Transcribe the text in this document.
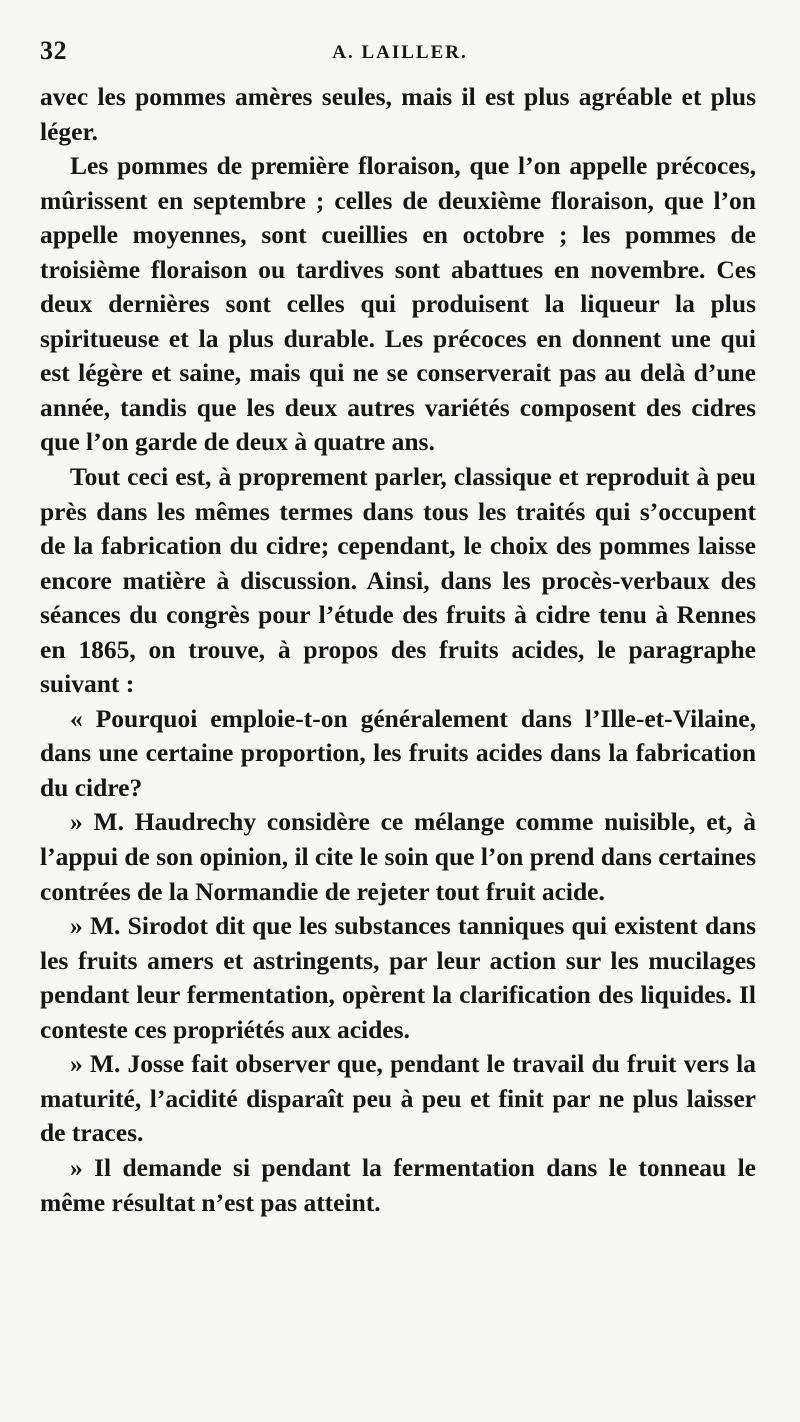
32	A. LAILLER.

avec les pommes amères seules, mais il est plus agréable et plus léger.

Les pommes de première floraison, que l’on appelle précoces, mûrissent en septembre ; celles de deuxième floraison, que l’on appelle moyennes, sont cueillies en octobre ; les pommes de troisième floraison ou tardives sont abattues en novembre. Ces deux dernières sont celles qui produisent la liqueur la plus spiritueuse et la plus durable. Les précoces en donnent une qui est légère et saine, mais qui ne se conserverait pas au delà d’une année, tandis que les deux autres variétés composent des cidres que l’on garde de deux à quatre ans.

Tout ceci est, à proprement parler, classique et reproduit à peu près dans les mêmes termes dans tous les traités qui s’occupent de la fabrication du cidre; cependant, le choix des pommes laisse encore matière à discussion. Ainsi, dans les procès-verbaux des séances du congrès pour l’étude des fruits à cidre tenu à Rennes en 1865, on trouve, à propos des fruits acides, le paragraphe suivant :

« Pourquoi emploie-t-on généralement dans l’Ille-et-Vilaine, dans une certaine proportion, les fruits acides dans la fabrication du cidre?

» M. Haudrechy considère ce mélange comme nuisible, et, à l’appui de son opinion, il cite le soin que l’on prend dans certaines contrées de la Normandie de rejeter tout fruit acide.

» M. Sirodot dit que les substances tanniques qui existent dans les fruits amers et astringents, par leur action sur les mucilages pendant leur fermentation, opèrent la clarification des liquides. Il conteste ces propriétés aux acides.

» M. Josse fait observer que, pendant le travail du fruit vers la maturité, l’acidité disparaît peu à peu et finit par ne plus laisser de traces.

» Il demande si pendant la fermentation dans le tonneau le même résultat n’est pas atteint.
